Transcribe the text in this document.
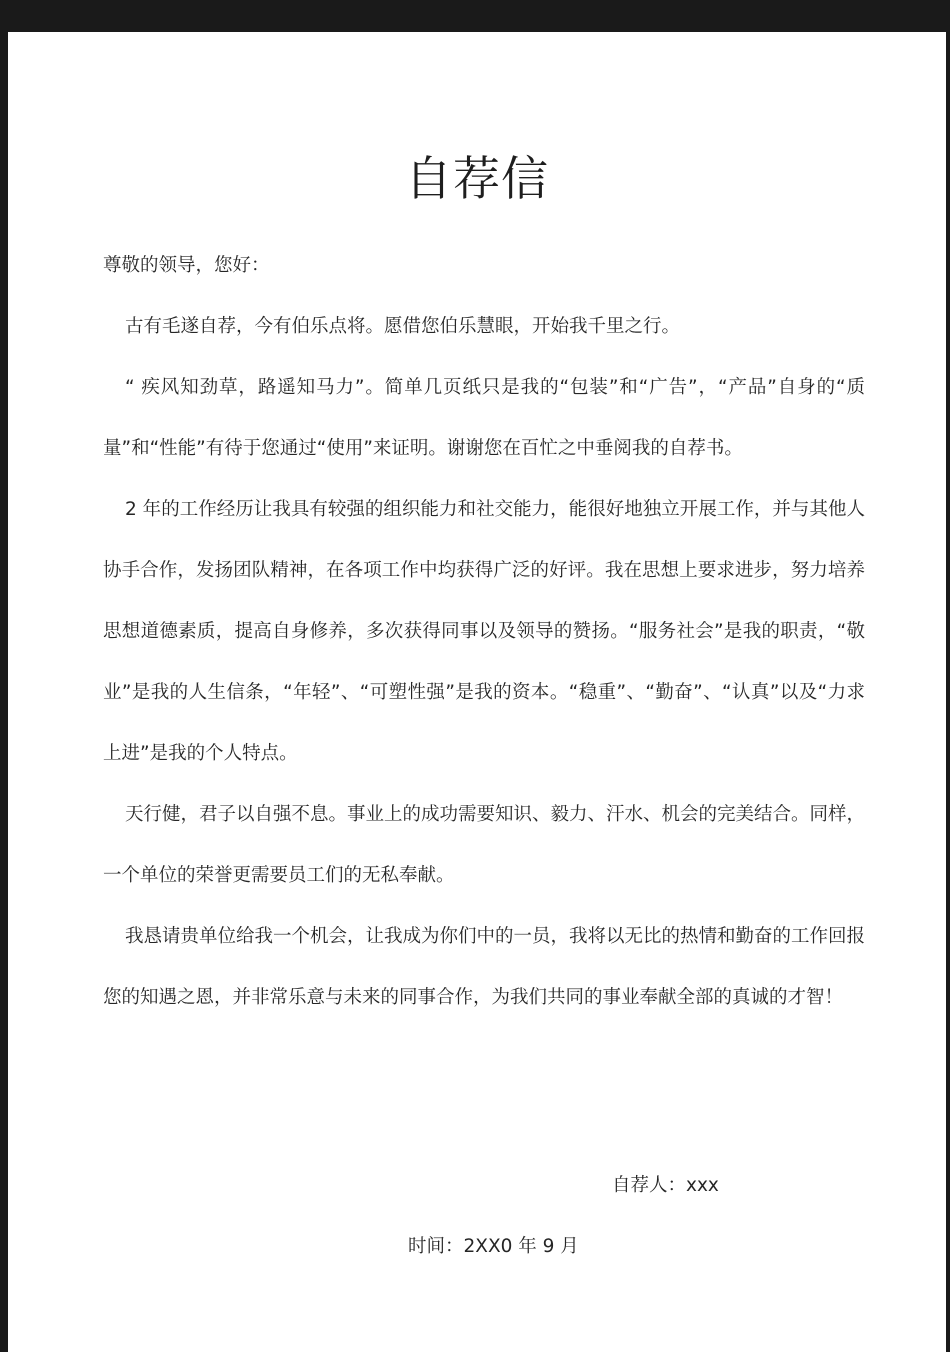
自荐信

尊敬的领导，您好：

古有毛遂自荐，今有伯乐点将。愿借您伯乐慧眼，开始我千里之行。

“ 疾风知劲草，路遥知马力”。简单几页纸只是我的“包装”和“广告”，“产品”自身的“质量”和“性能”有待于您通过“使用”来证明。谢谢您在百忙之中垂阅我的自荐书。

2 年的工作经历让我具有较强的组织能力和社交能力，能很好地独立开展工作，并与其他人协手合作，发扬团队精神，在各项工作中均获得广泛的好评。我在思想上要求进步，努力培养思想道德素质，提高自身修养，多次获得同事以及领导的赞扬。“服务社会”是我的职责，“敬业”是我的人生信条，“年轻”、“可塑性强”是我的资本。“稳重”、“勤奋”、“认真”以及“力求上进”是我的个人特点。

天行健，君子以自强不息。事业上的成功需要知识、毅力、汗水、机会的完美结合。同样，一个单位的荣誉更需要员工们的无私奉献。

我恳请贵单位给我一个机会，让我成为你们中的一员，我将以无比的热情和勤奋的工作回报您的知遇之恩，并非常乐意与未来的同事合作，为我们共同的事业奉献全部的真诚的才智！

自荐人：xxx
时间：2XX0 年 9 月
